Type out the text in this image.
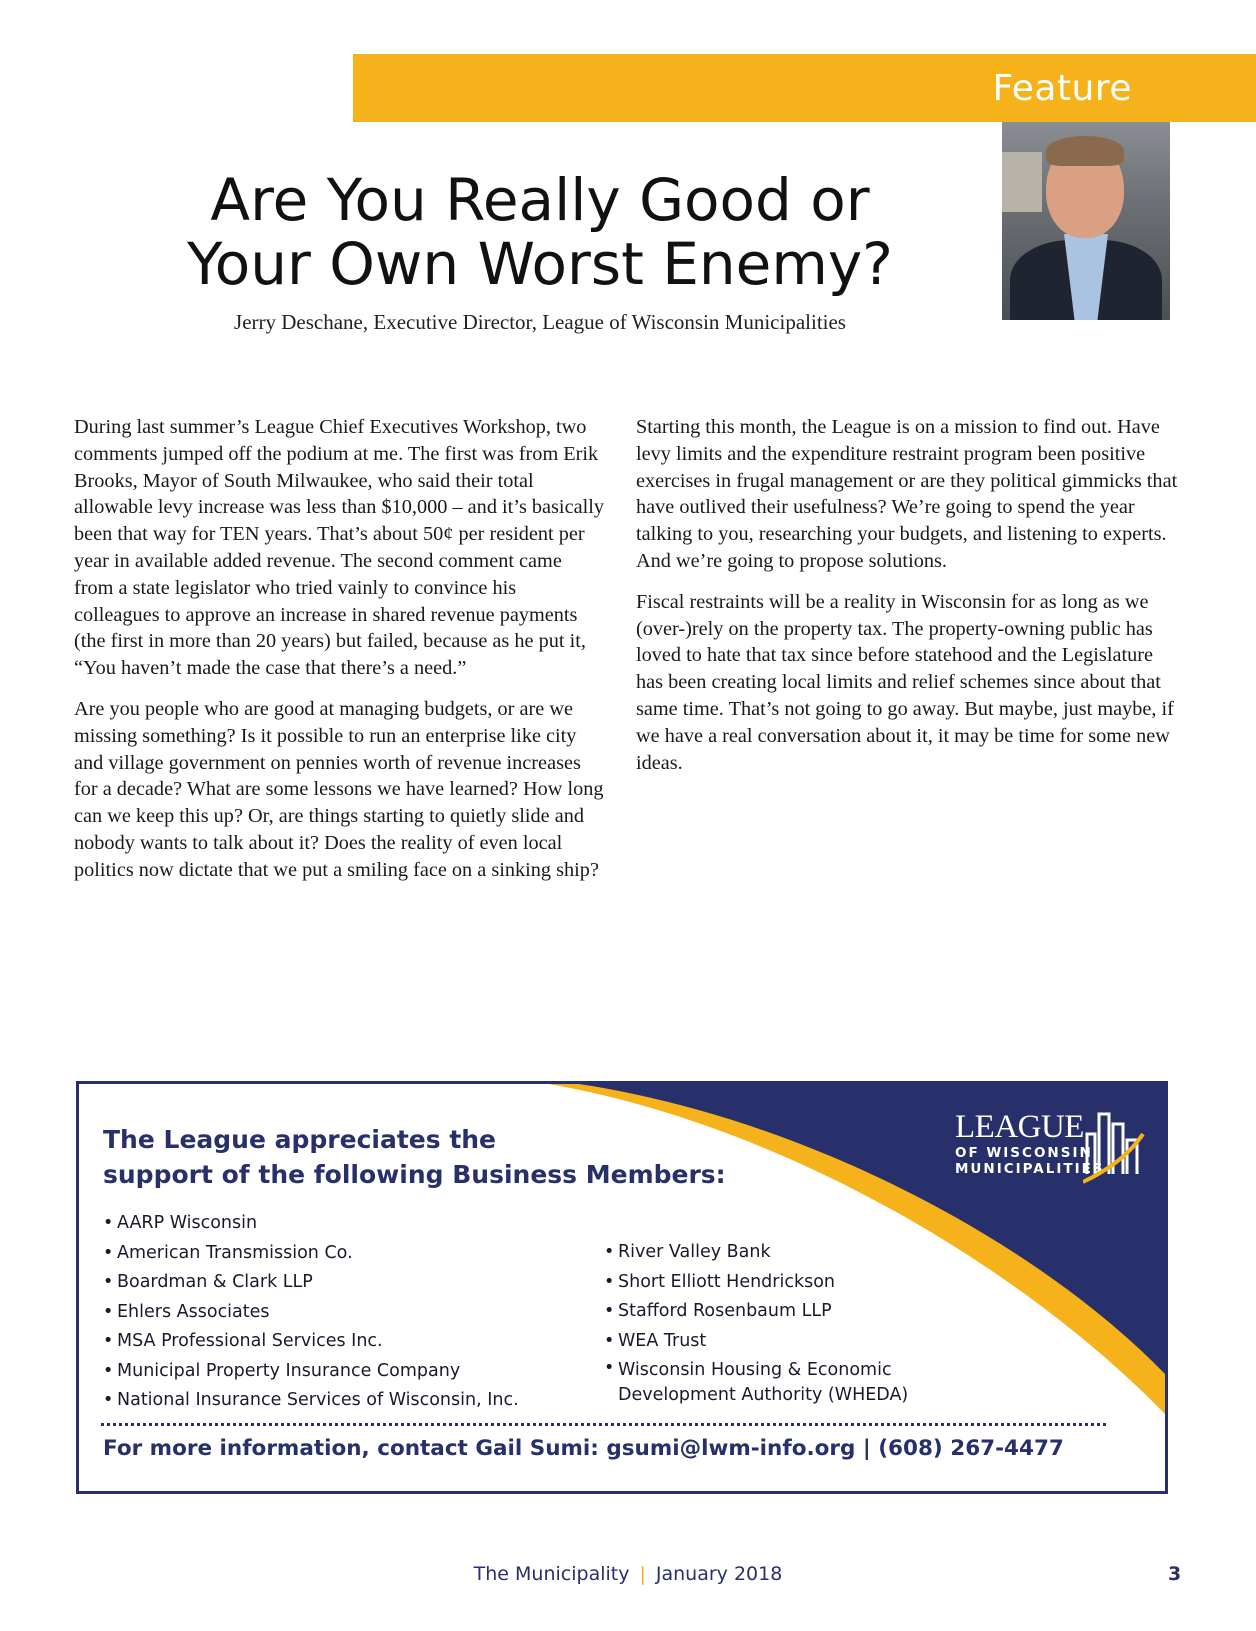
Feature
Are You Really Good or
Your Own Worst Enemy?
Jerry Deschane, Executive Director, League of Wisconsin Municipalities

During last summer’s League Chief Executives Workshop, two comments jumped off the podium at me. The first was from Erik Brooks, Mayor of South Milwaukee, who said their total allowable levy increase was less than $10,000 – and it’s basically been that way for TEN years. That’s about 50¢ per resident per year in available added revenue. The second comment came from a state legislator who tried vainly to convince his colleagues to approve an increase in shared revenue payments (the first in more than 20 years) but failed, because as he put it, “You haven’t made the case that there’s a need.”

Are you people who are good at managing budgets, or are we missing something? Is it possible to run an enterprise like city and village government on pennies worth of revenue increases for a decade? What are some lessons we have learned? How long can we keep this up? Or, are things starting to quietly slide and nobody wants to talk about it? Does the reality of even local politics now dictate that we put a smiling face on a sinking ship?

Starting this month, the League is on a mission to find out. Have levy limits and the expenditure restraint program been positive exercises in frugal management or are they political gimmicks that have outlived their usefulness? We’re going to spend the year talking to you, researching your budgets, and listening to experts. And we’re going to propose solutions.

Fiscal restraints will be a reality in Wisconsin for as long as we (over-)rely on the property tax. The property-owning public has loved to hate that tax since before statehood and the Legislature has been creating local limits and relief schemes since about that same time. That’s not going to go away. But maybe, just maybe, if we have a real conversation about it, it may be time for some new ideas.

LEAGUE
OF WISCONSIN
MUNICIPALITIES
The League appreciates the
support of the following Business Members:
• AARP Wisconsin
• American Transmission Co.
• Boardman & Clark LLP
• Ehlers Associates
• MSA Professional Services Inc.
• Municipal Property Insurance Company
• National Insurance Services of Wisconsin, Inc.
• River Valley Bank
• Short Elliott Hendrickson
• Stafford Rosenbaum LLP
• WEA Trust
• Wisconsin Housing & Economic Development Authority (WHEDA)
For more information, contact Gail Sumi: gsumi@lwm-info.org | (608) 267-4477
The Municipality | January 2018	3
